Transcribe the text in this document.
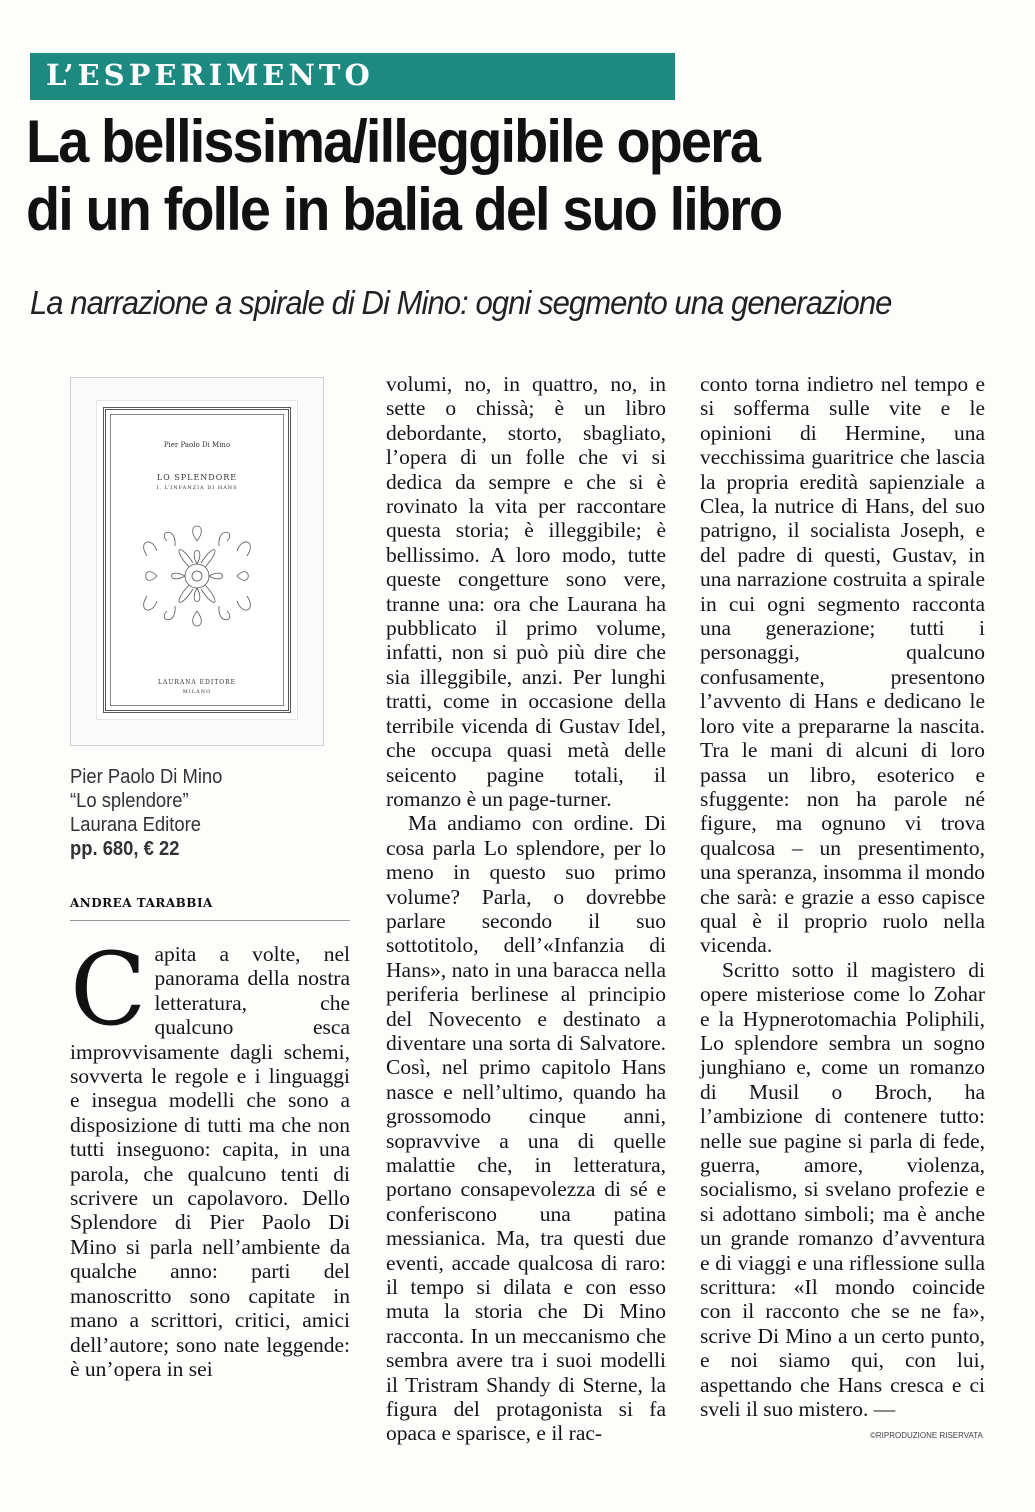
L’ESPERIMENTO
La bellissima/illeggibile opera
di un folle in balia del suo libro

La narrazione a spirale di Di Mino: ogni segmento una generazione

Pier Paolo Di Mino
LO SPLENDORE
I. L’INFANZIA DI HANS
LAURANA EDITORE
MILANO
Pier Paolo Di Mino
“Lo splendore”
Laurana Editore
pp. 680, € 22
ANDREA TARABBIA
C apita a volte, nel panorama della nostra letteratura, che qualcuno esca improvvisamente dagli schemi, sovverta le regole e i linguaggi e insegua modelli che sono a disposizione di tutti ma che non tutti inseguono: capita, in una parola, che qualcuno tenti di scrivere un capolavoro. Dello Splendore di Pier Paolo Di Mino si parla nell’ambiente da qualche anno: parti del manoscritto sono capitate in mano a scrittori, critici, amici dell’autore; sono nate leggende: è un’opera in sei

volumi, no, in quattro, no, in sette o chissà; è un libro debordante, storto, sbagliato, l’opera di un folle che vi si dedica da sempre e che si è rovinato la vita per raccontare questa storia; è illeggibile; è bellissimo. A loro modo, tutte queste congetture sono vere, tranne una: ora che Laurana ha pubblicato il primo volume, infatti, non si può più dire che sia illeggibile, anzi. Per lunghi tratti, come in occasione della terribile vicenda di Gustav Idel, che occupa quasi metà delle seicento pagine totali, il romanzo è un page-turner.

Ma andiamo con ordine. Di cosa parla Lo splendore, per lo meno in questo suo primo volume? Parla, o dovrebbe parlare secondo il suo sottotitolo, dell’«Infanzia di Hans», nato in una baracca nella periferia berlinese al principio del Novecento e destinato a diventare una sorta di Salvatore. Così, nel primo capitolo Hans nasce e nell’ultimo, quando ha grossomodo cinque anni, sopravvive a una di quelle malattie che, in letteratura, portano consapevolezza di sé e conferiscono una patina messianica. Ma, tra questi due eventi, accade qualcosa di raro: il tempo si dilata e con esso muta la storia che Di Mino racconta. In un meccanismo che sembra avere tra i suoi modelli il Tristram Shandy di Sterne, la figura del protagonista si fa opaca e sparisce, e il rac-

conto torna indietro nel tempo e si sofferma sulle vite e le opinioni di Hermine, una vecchissima guaritrice che lascia la propria eredità sapienziale a Clea, la nutrice di Hans, del suo patrigno, il socialista Joseph, e del padre di questi, Gustav, in una narrazione costruita a spirale in cui ogni segmento racconta una generazione; tutti i personaggi, qualcuno confusamente, presentono l’avvento di Hans e dedicano le loro vite a prepararne la nascita. Tra le mani di alcuni di loro passa un libro, esoterico e sfuggente: non ha parole né figure, ma ognuno vi trova qualcosa – un presentimento, una speranza, insomma il mondo che sarà: e grazie a esso capisce qual è il proprio ruolo nella vicenda.

Scritto sotto il magistero di opere misteriose come lo Zohar e la Hypnerotomachia Poliphili, Lo splendore sembra un sogno junghiano e, come un romanzo di Musil o Broch, ha l’ambizione di contenere tutto: nelle sue pagine si parla di fede, guerra, amore, violenza, socialismo, si svelano profezie e si adottano simboli; ma è anche un grande romanzo d’avventura e di viaggi e una riflessione sulla scrittura: «Il mondo coincide con il racconto che se ne fa», scrive Di Mino a un certo punto, e noi siamo qui, con lui, aspettando che Hans cresca e ci sveli il suo mistero. —

©RIPRODUZIONE RISERVATA
